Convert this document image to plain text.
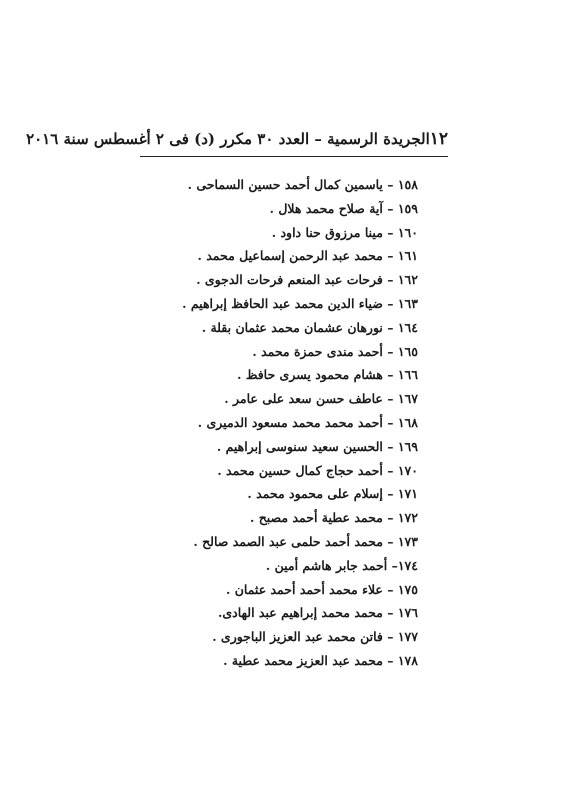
١٢
الجريدة الرسمية – العدد ٣٠ مكرر (د) فى ٢ أغسطس سنة ٢٠١٦
١٥٨ – ياسمين كمال أحمد حسين السماحى .
١٥٩ – آية صلاح محمد هلال .
١٦٠ – مينا مرزوق حنا داود .
١٦١ – محمد عبد الرحمن إسماعيل محمد .
١٦٢ – فرحات عبد المنعم فرحات الدجوى .
١٦٣ – ضياء الدين محمد عبد الحافظ إبراهيم .
١٦٤ – نورهان عشمان محمد عثمان بقلة .
١٦٥ – أحمد مندى حمزة محمد .
١٦٦ – هشام محمود يسرى حافظ .
١٦٧ – عاطف حسن سعد على عامر .
١٦٨ – أحمد محمد محمد مسعود الدميرى .
١٦٩ – الحسين سعيد سنوسى إبراهيم .
١٧٠ – أحمد حجاج كمال حسين محمد .
١٧١ – إسلام على محمود محمد .
١٧٢ – محمد عطية أحمد مصبح .
١٧٣ – محمد أحمد حلمى عبد الصمد صالح .
١٧٤– أحمد جابر هاشم أمين .
١٧٥ – علاء محمد أحمد أحمد عثمان .
١٧٦ – محمد محمد إبراهيم عبد الهادى.
١٧٧ – فاتن محمد عبد العزيز الباجورى .
١٧٨ – محمد عبد العزيز محمد عطية .
